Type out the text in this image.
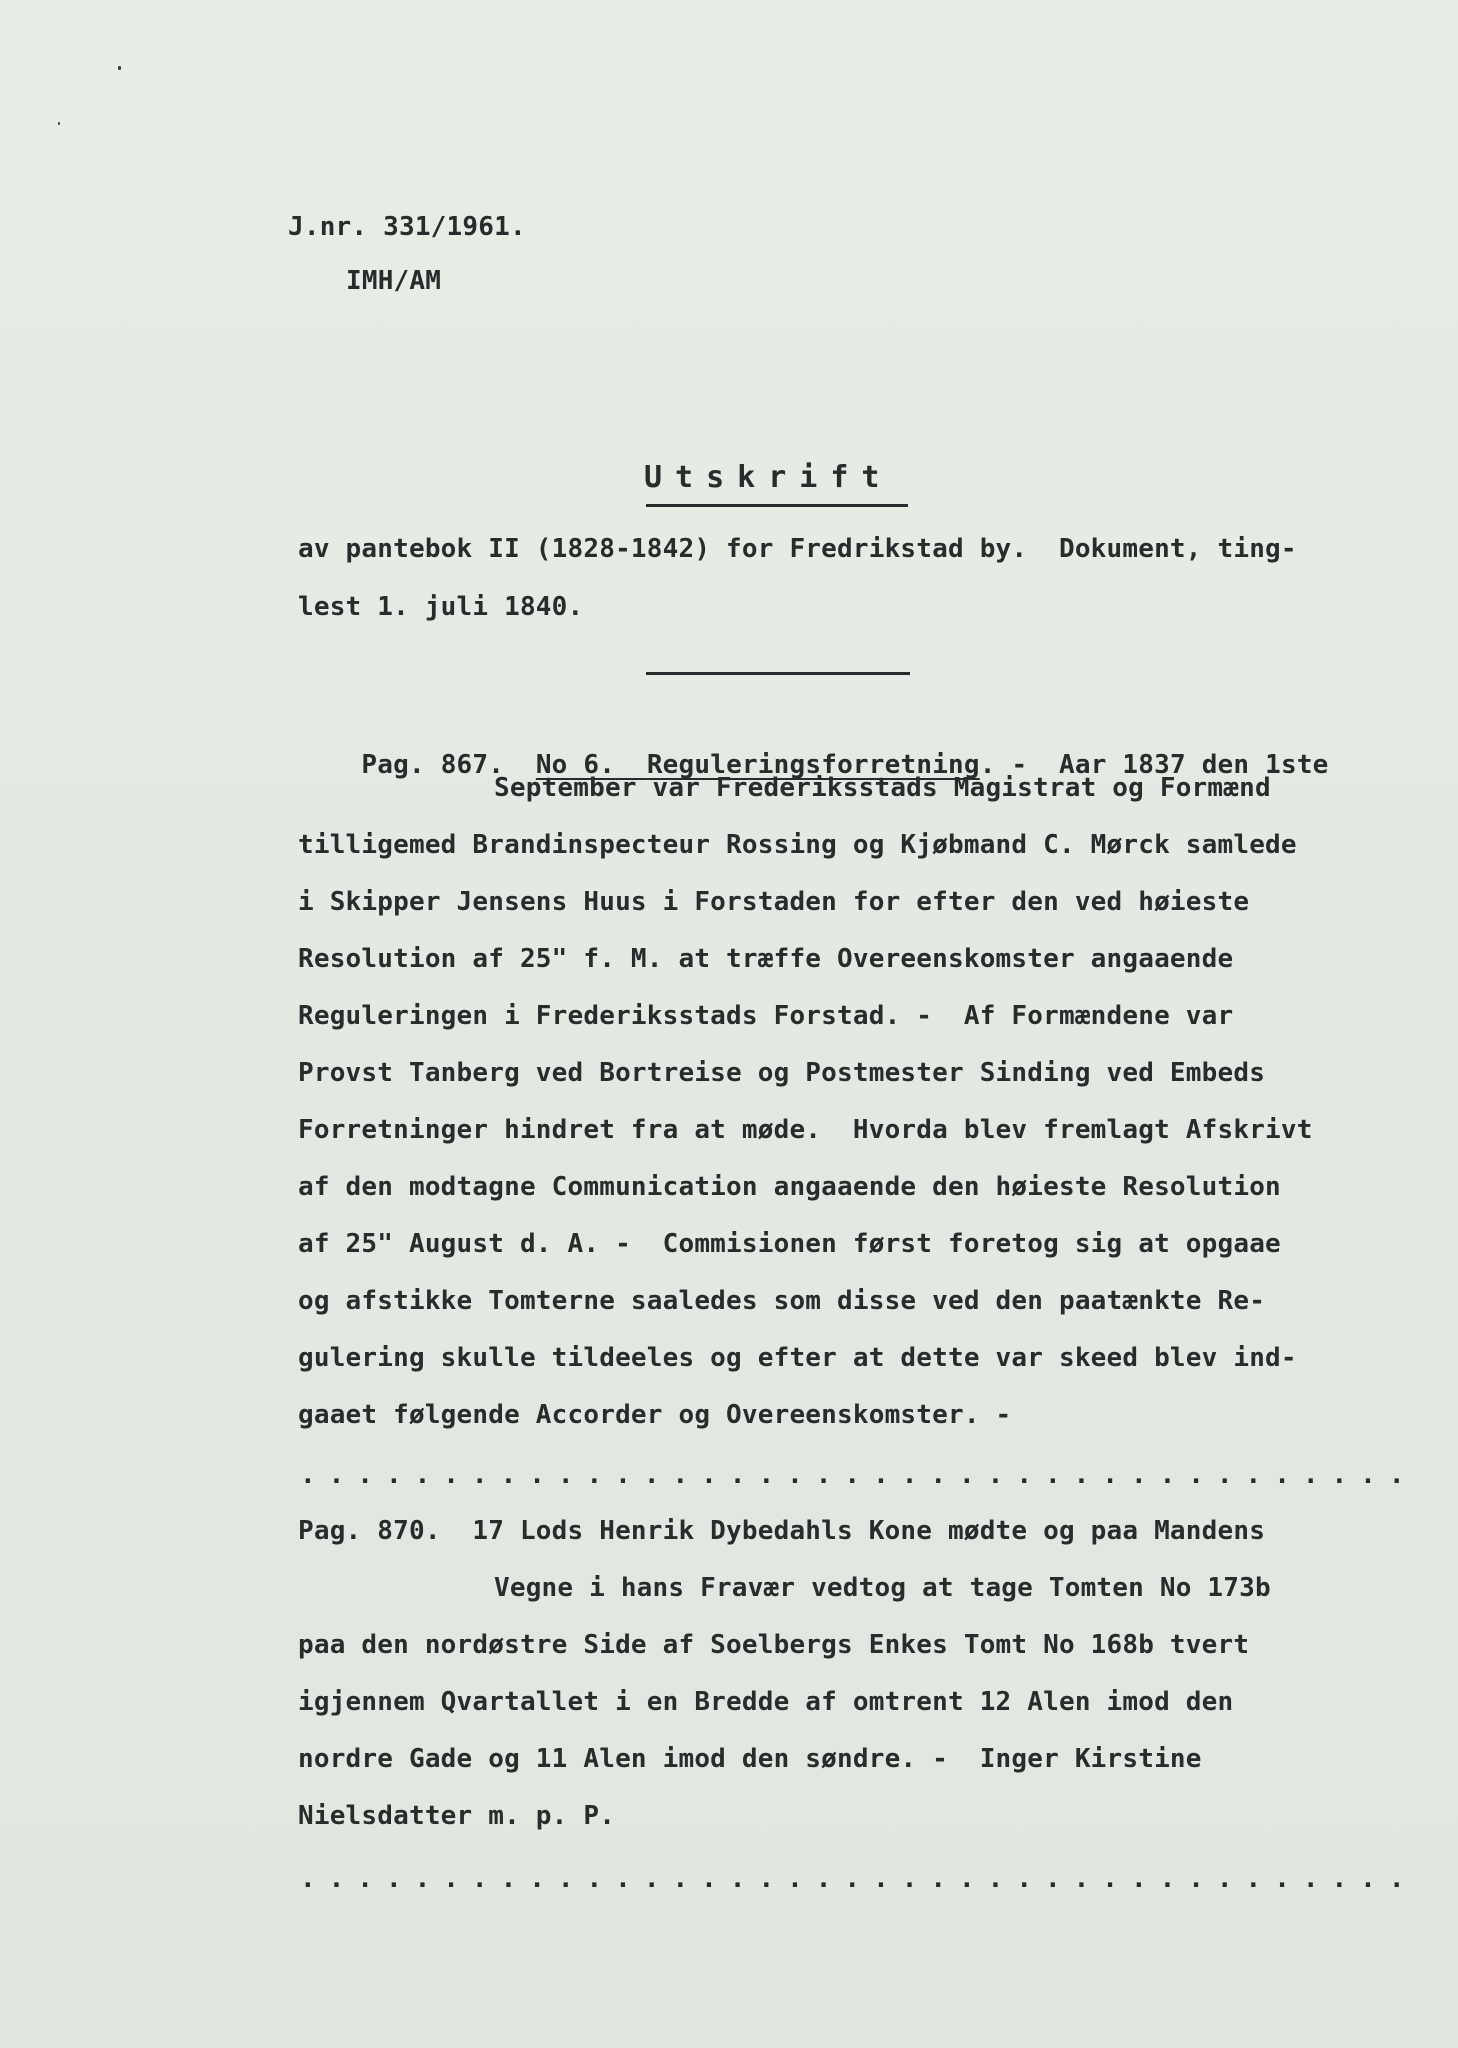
J.nr. 331/1961.
IMH/AM
Utskrift
av pantebok II (1828-1842) for Fredrikstad by.  Dokument, ting-
lest 1. juli 1840.

Pag. 867. No 6. Reguleringsforretning. -  Aar 1837 den 1ste

September var Frederiksstads Magistrat og Formænd
tilligemed Brandinspecteur Rossing og Kjøbmand C. Mørck samlede
i Skipper Jensens Huus i Forstaden for efter den ved høieste
Resolution af 25" f. M. at træffe Overeenskomster angaaende
Reguleringen i Frederiksstads Forstad. -  Af Formændene var
Provst Tanberg ved Bortreise og Postmester Sinding ved Embeds
Forretninger hindret fra at møde.  Hvorda blev fremlagt Afskrivt
af den modtagne Communication angaaende den høieste Resolution
af 25" August d. A. -  Commisionen først foretog sig at opgaae
og afstikke Tomterne saaledes som disse ved den paatænkte Re-
gulering skulle tildeeles og efter at dette var skeed blev ind-
gaaet følgende Accorder og Overeenskomster. -
.......................................
Pag. 870.  17 Lods Henrik Dybedahls Kone mødte og paa Mandens
Vegne i hans Fravær vedtog at tage Tomten No 173b
paa den nordøstre Side af Soelbergs Enkes Tomt No 168b tvert
igjennem Qvartallet i en Bredde af omtrent 12 Alen imod den
nordre Gade og 11 Alen imod den søndre. -  Inger Kirstine
Nielsdatter m. p. P.
.......................................
